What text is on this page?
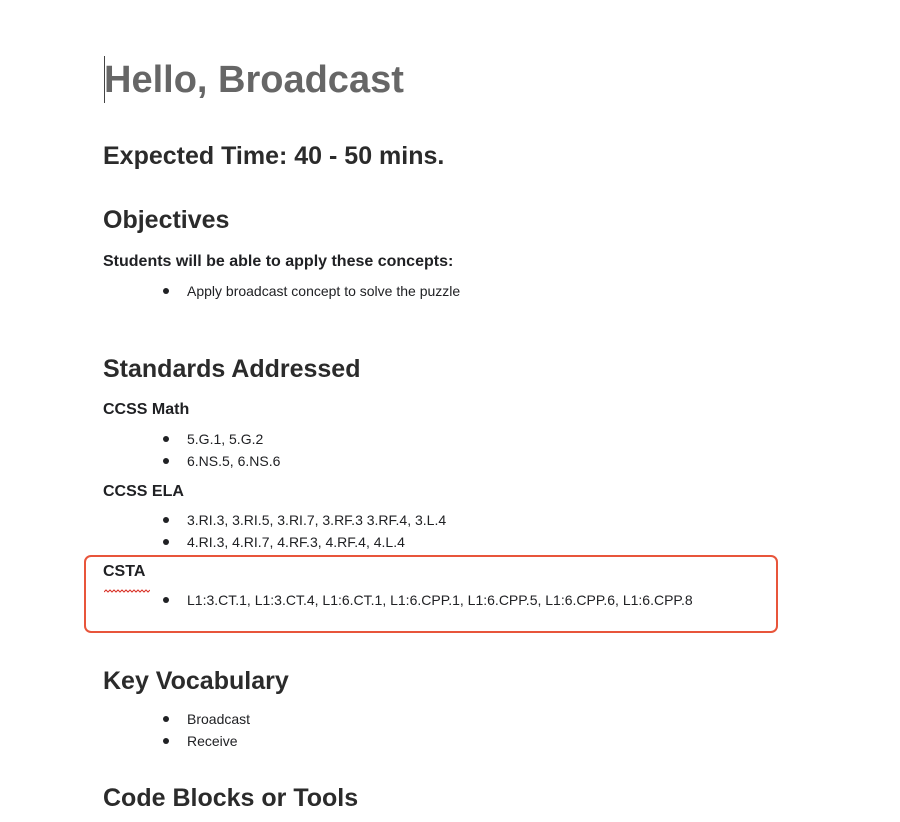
Hello, Broadcast
Expected Time: 40 - 50 mins.
Objectives
Students will be able to apply these concepts:
Apply broadcast concept to solve the puzzle
Standards Addressed
CCSS Math
5.G.1, 5.G.2
6.NS.5, 6.NS.6
CCSS ELA
3.RI.3, 3.RI.5, 3.RI.7, 3.RF.3 3.RF.4, 3.L.4
4.RI.3, 4.RI.7, 4.RF.3, 4.RF.4, 4.L.4
CSTA
L1:3.CT.1, L1:3.CT.4, L1:6.CT.1, L1:6.CPP.1, L1:6.CPP.5, L1:6.CPP.6, L1:6.CPP.8
Key Vocabulary
Broadcast
Receive
Code Blocks or Tools
